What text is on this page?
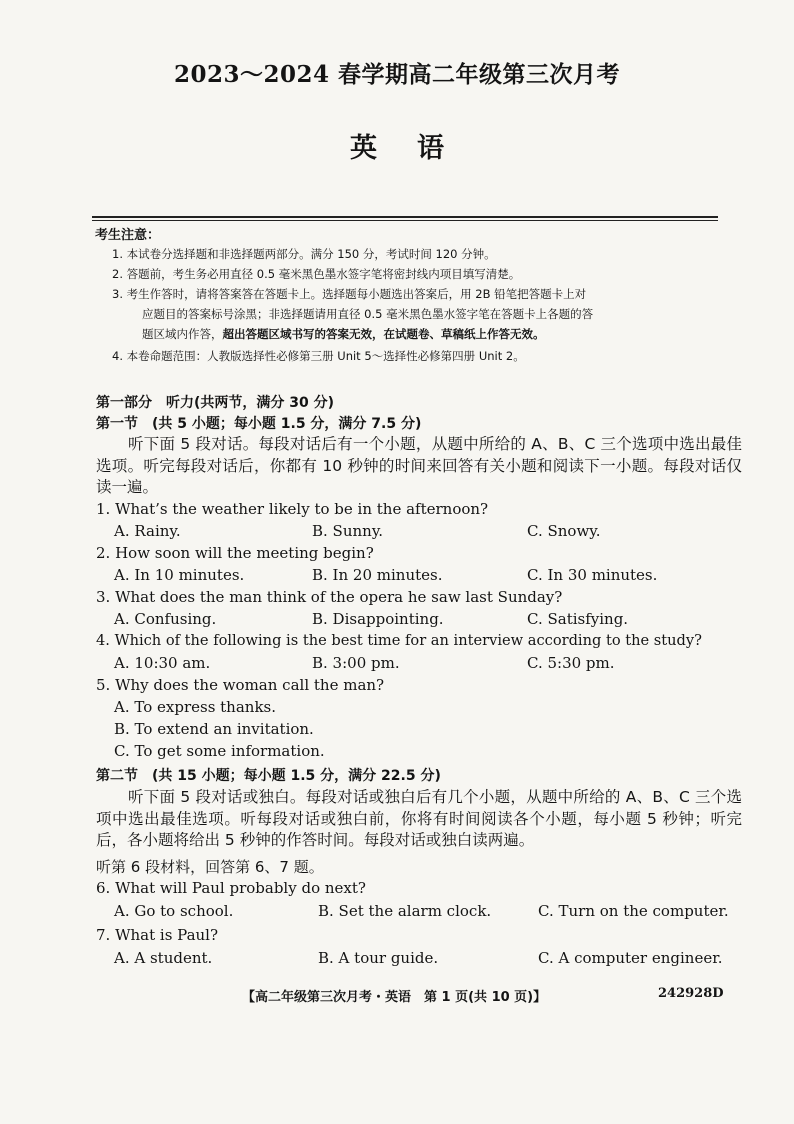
2023～2024 春学期高二年级第三次月考
英语
考生注意：
1. 本试卷分选择题和非选择题两部分。满分 150 分，考试时间 120 分钟。
2. 答题前，考生务必用直径 0.5 毫米黑色墨水签字笔将密封线内项目填写清楚。
3. 考生作答时，请将答案答在答题卡上。选择题每小题选出答案后，用 2B 铅笔把答题卡上对
应题目的答案标号涂黑；非选择题请用直径 0.5 毫米黑色墨水签字笔在答题卡上各题的答
题区域内作答，超出答题区域书写的答案无效，在试题卷、草稿纸上作答无效。
4. 本卷命题范围：人教版选择性必修第三册 Unit 5～选择性必修第四册 Unit 2。
第一部分　听力(共两节，满分 30 分)
第一节　(共 5 小题；每小题 1.5 分，满分 7.5 分)
听下面 5 段对话。每段对话后有一个小题，从题中所给的 A、B、C 三个选项中选出最佳选项。听完每段对话后，你都有 10 秒钟的时间来回答有关小题和阅读下一小题。每段对话仅读一遍。
1. What’s the weather likely to be in the afternoon?
A. Rainy.	B. Sunny.	C. Snowy.
2. How soon will the meeting begin?
A. In 10 minutes.	B. In 20 minutes.	C. In 30 minutes.
3. What does the man think of the opera he saw last Sunday?
A. Confusing.	B. Disappointing.	C. Satisfying.
4. Which of the following is the best time for an interview according to the study?
A. 10:30 am.	B. 3:00 pm.	C. 5:30 pm.
5. Why does the woman call the man?
A. To express thanks.
B. To extend an invitation.
C. To get some information.
第二节　(共 15 小题；每小题 1.5 分，满分 22.5 分)
听下面 5 段对话或独白。每段对话或独白后有几个小题，从题中所给的 A、B、C 三个选项中选出最佳选项。听每段对话或独白前，你将有时间阅读各个小题，每小题 5 秒钟；听完后，各小题将给出 5 秒钟的作答时间。每段对话或独白读两遍。
听第 6 段材料，回答第 6、7 题。
6. What will Paul probably do next?
A. Go to school.	B. Set the alarm clock.	C. Turn on the computer.
7. What is Paul?
A. A student.	B. A tour guide.	C. A computer engineer.
【高二年级第三次月考・英语　第 1 页(共 10 页)】	242928D
